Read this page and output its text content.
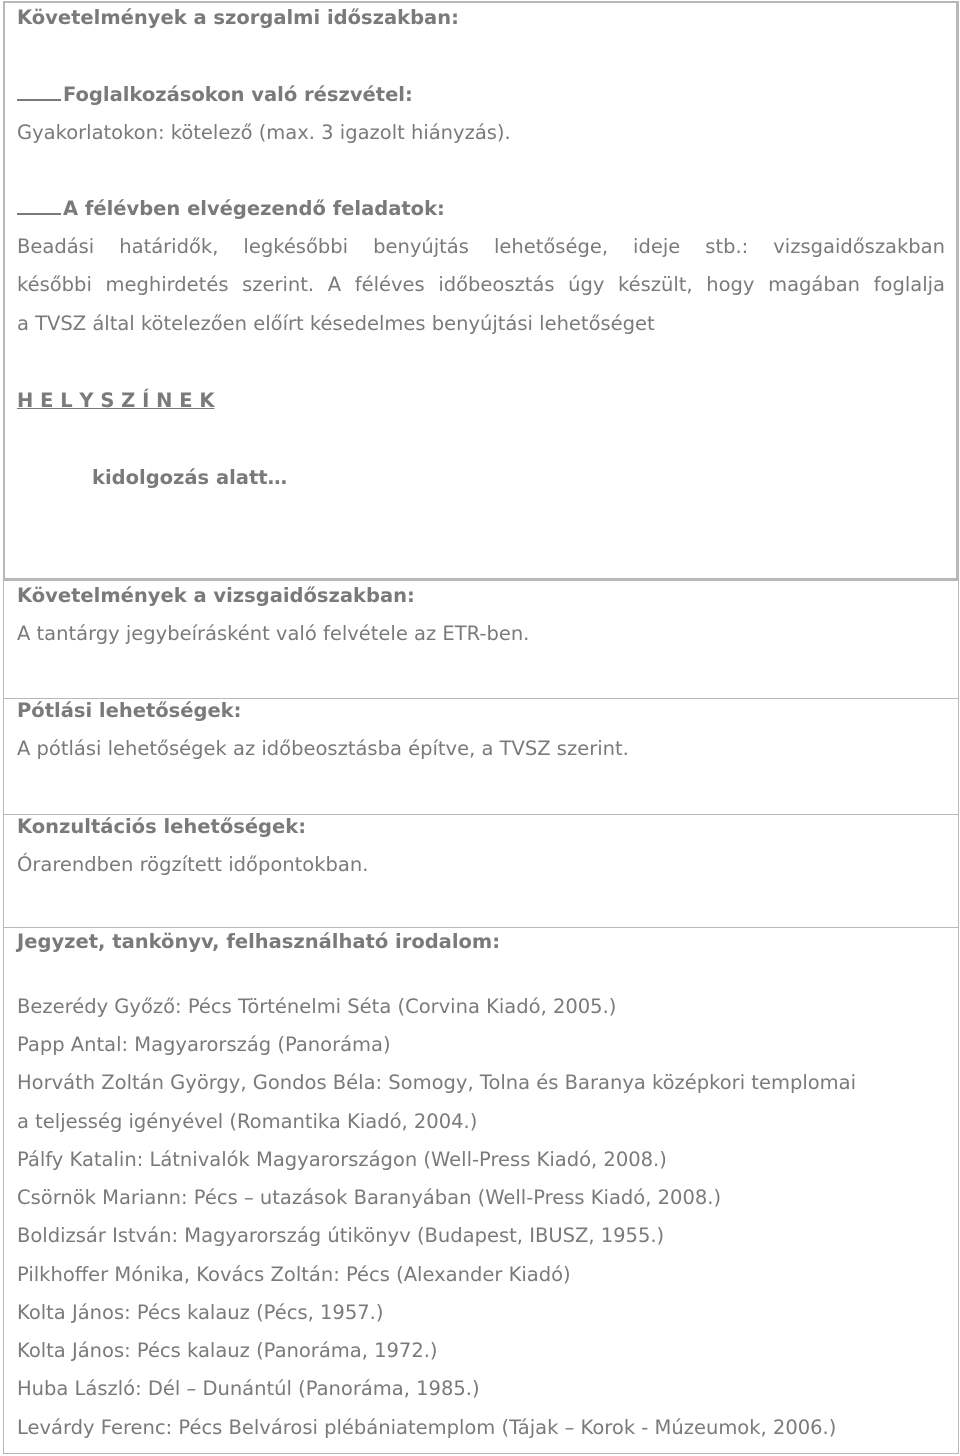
Követelmények a szorgalmi időszakban:
Foglalkozásokon való részvétel:
Gyakorlatokon: kötelező (max. 3 igazolt hiányzás).
A félévben elvégezendő feladatok:
Beadási határidők, legkésőbbi benyújtás lehetősége, ideje stb.: vizsgaidőszakban
későbbi meghirdetés szerint. A féléves időbeosztás úgy készült, hogy magában foglalja
a TVSZ által kötelezően előírt késedelmes benyújtási lehetőséget
H E L Y S Z Í N E K
kidolgozás alatt…
Követelmények a vizsgaidőszakban:
A tantárgy jegybeírásként való felvétele az ETR-ben.
Pótlási lehetőségek:
A pótlási lehetőségek az időbeosztásba építve, a TVSZ szerint.
Konzultációs lehetőségek:
Órarendben rögzített időpontokban.
Jegyzet, tankönyv, felhasználható irodalom:
Bezerédy Győző: Pécs Történelmi Séta (Corvina Kiadó, 2005.)
Papp Antal: Magyarország (Panoráma)
Horváth Zoltán György, Gondos Béla: Somogy, Tolna és Baranya középkori templomai
a teljesség igényével (Romantika Kiadó, 2004.)
Pálfy Katalin: Látnivalók Magyarországon (Well-Press Kiadó, 2008.)
Csörnök Mariann: Pécs – utazások Baranyában (Well-Press Kiadó, 2008.)
Boldizsár István: Magyarország útikönyv (Budapest, IBUSZ, 1955.)
Pilkhoffer Mónika, Kovács Zoltán: Pécs (Alexander Kiadó)
Kolta János: Pécs kalauz (Pécs, 1957.)
Kolta János: Pécs kalauz (Panoráma, 1972.)
Huba László: Dél – Dunántúl (Panoráma, 1985.)
Levárdy Ferenc: Pécs Belvárosi plébániatemplom (Tájak – Korok - Múzeumok, 2006.)
